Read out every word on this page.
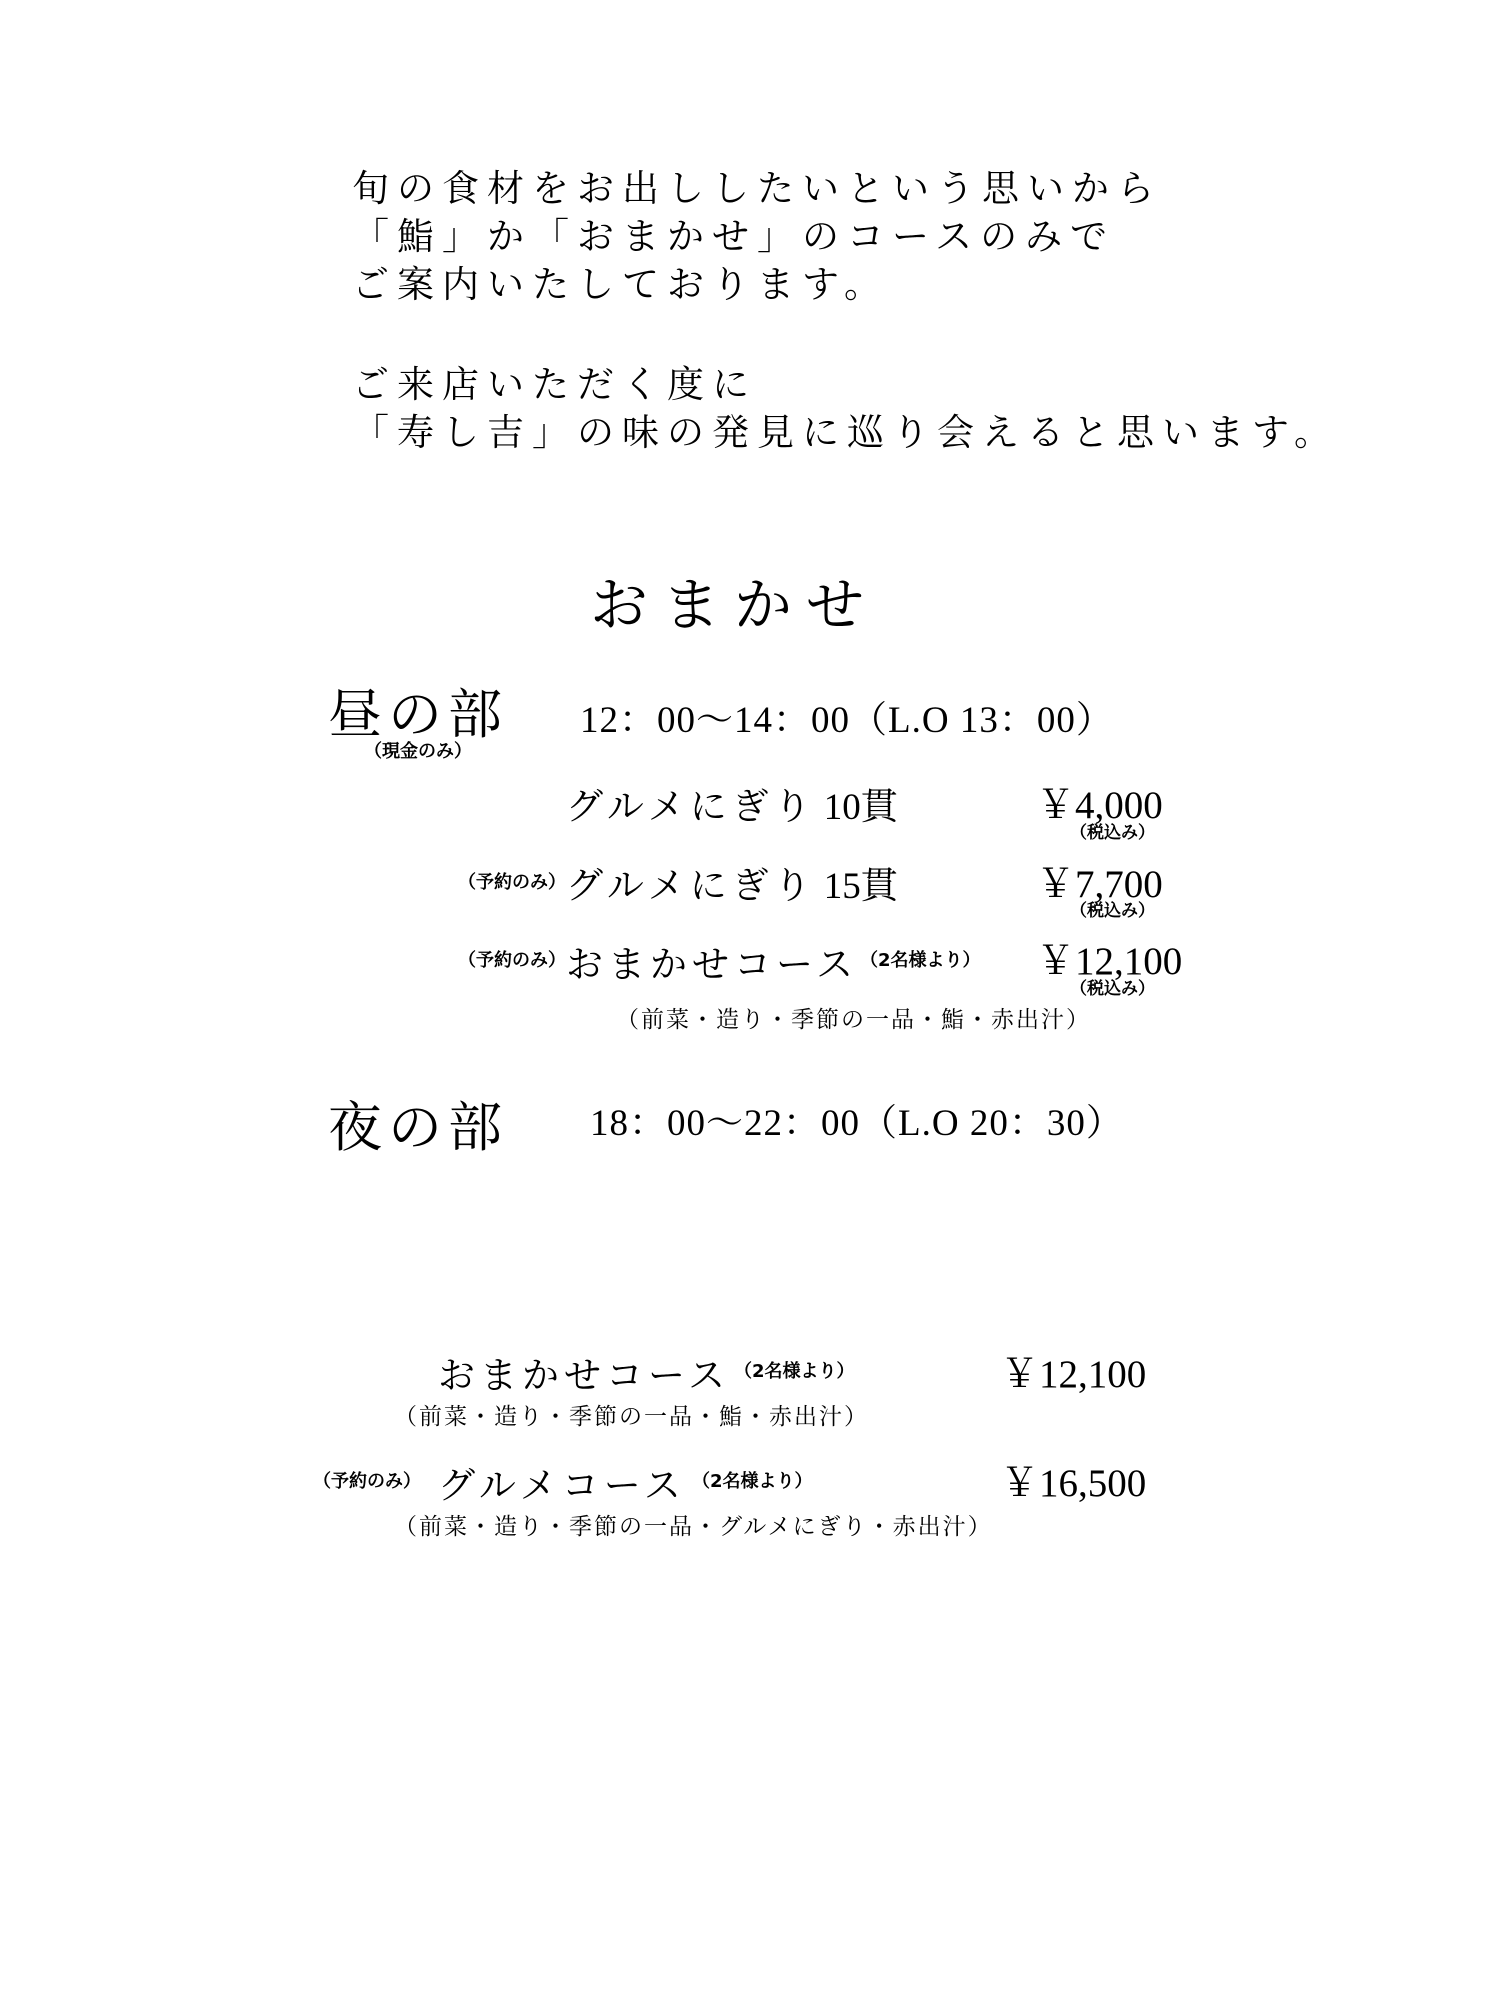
旬の食材をお出ししたいという思いから
「鮨」か「おまかせ」のコースのみで
ご案内いたしております。
ご来店いただく度に
「寿し吉」の味の発見に巡り会えると思います。
おまかせ
昼の部
（現金のみ）
12：00〜14：00（L.O 13：00）
グルメにぎり 10貫	￥4,000
（税込み）
（予約のみ） グルメにぎり 15貫	￥7,700
（税込み）
（予約のみ） おまかせコース （2名様より） ￥12,100
（税込み）
（前菜・造り・季節の一品・鮨・赤出汁）
夜の部 18：00〜22：00（L.O 20：30）
おまかせコース （2名様より）	￥12,100
（前菜・造り・季節の一品・鮨・赤出汁）
（予約のみ） グルメコース （2名様より）	￥16,500
（前菜・造り・季節の一品・グルメにぎり・赤出汁）
